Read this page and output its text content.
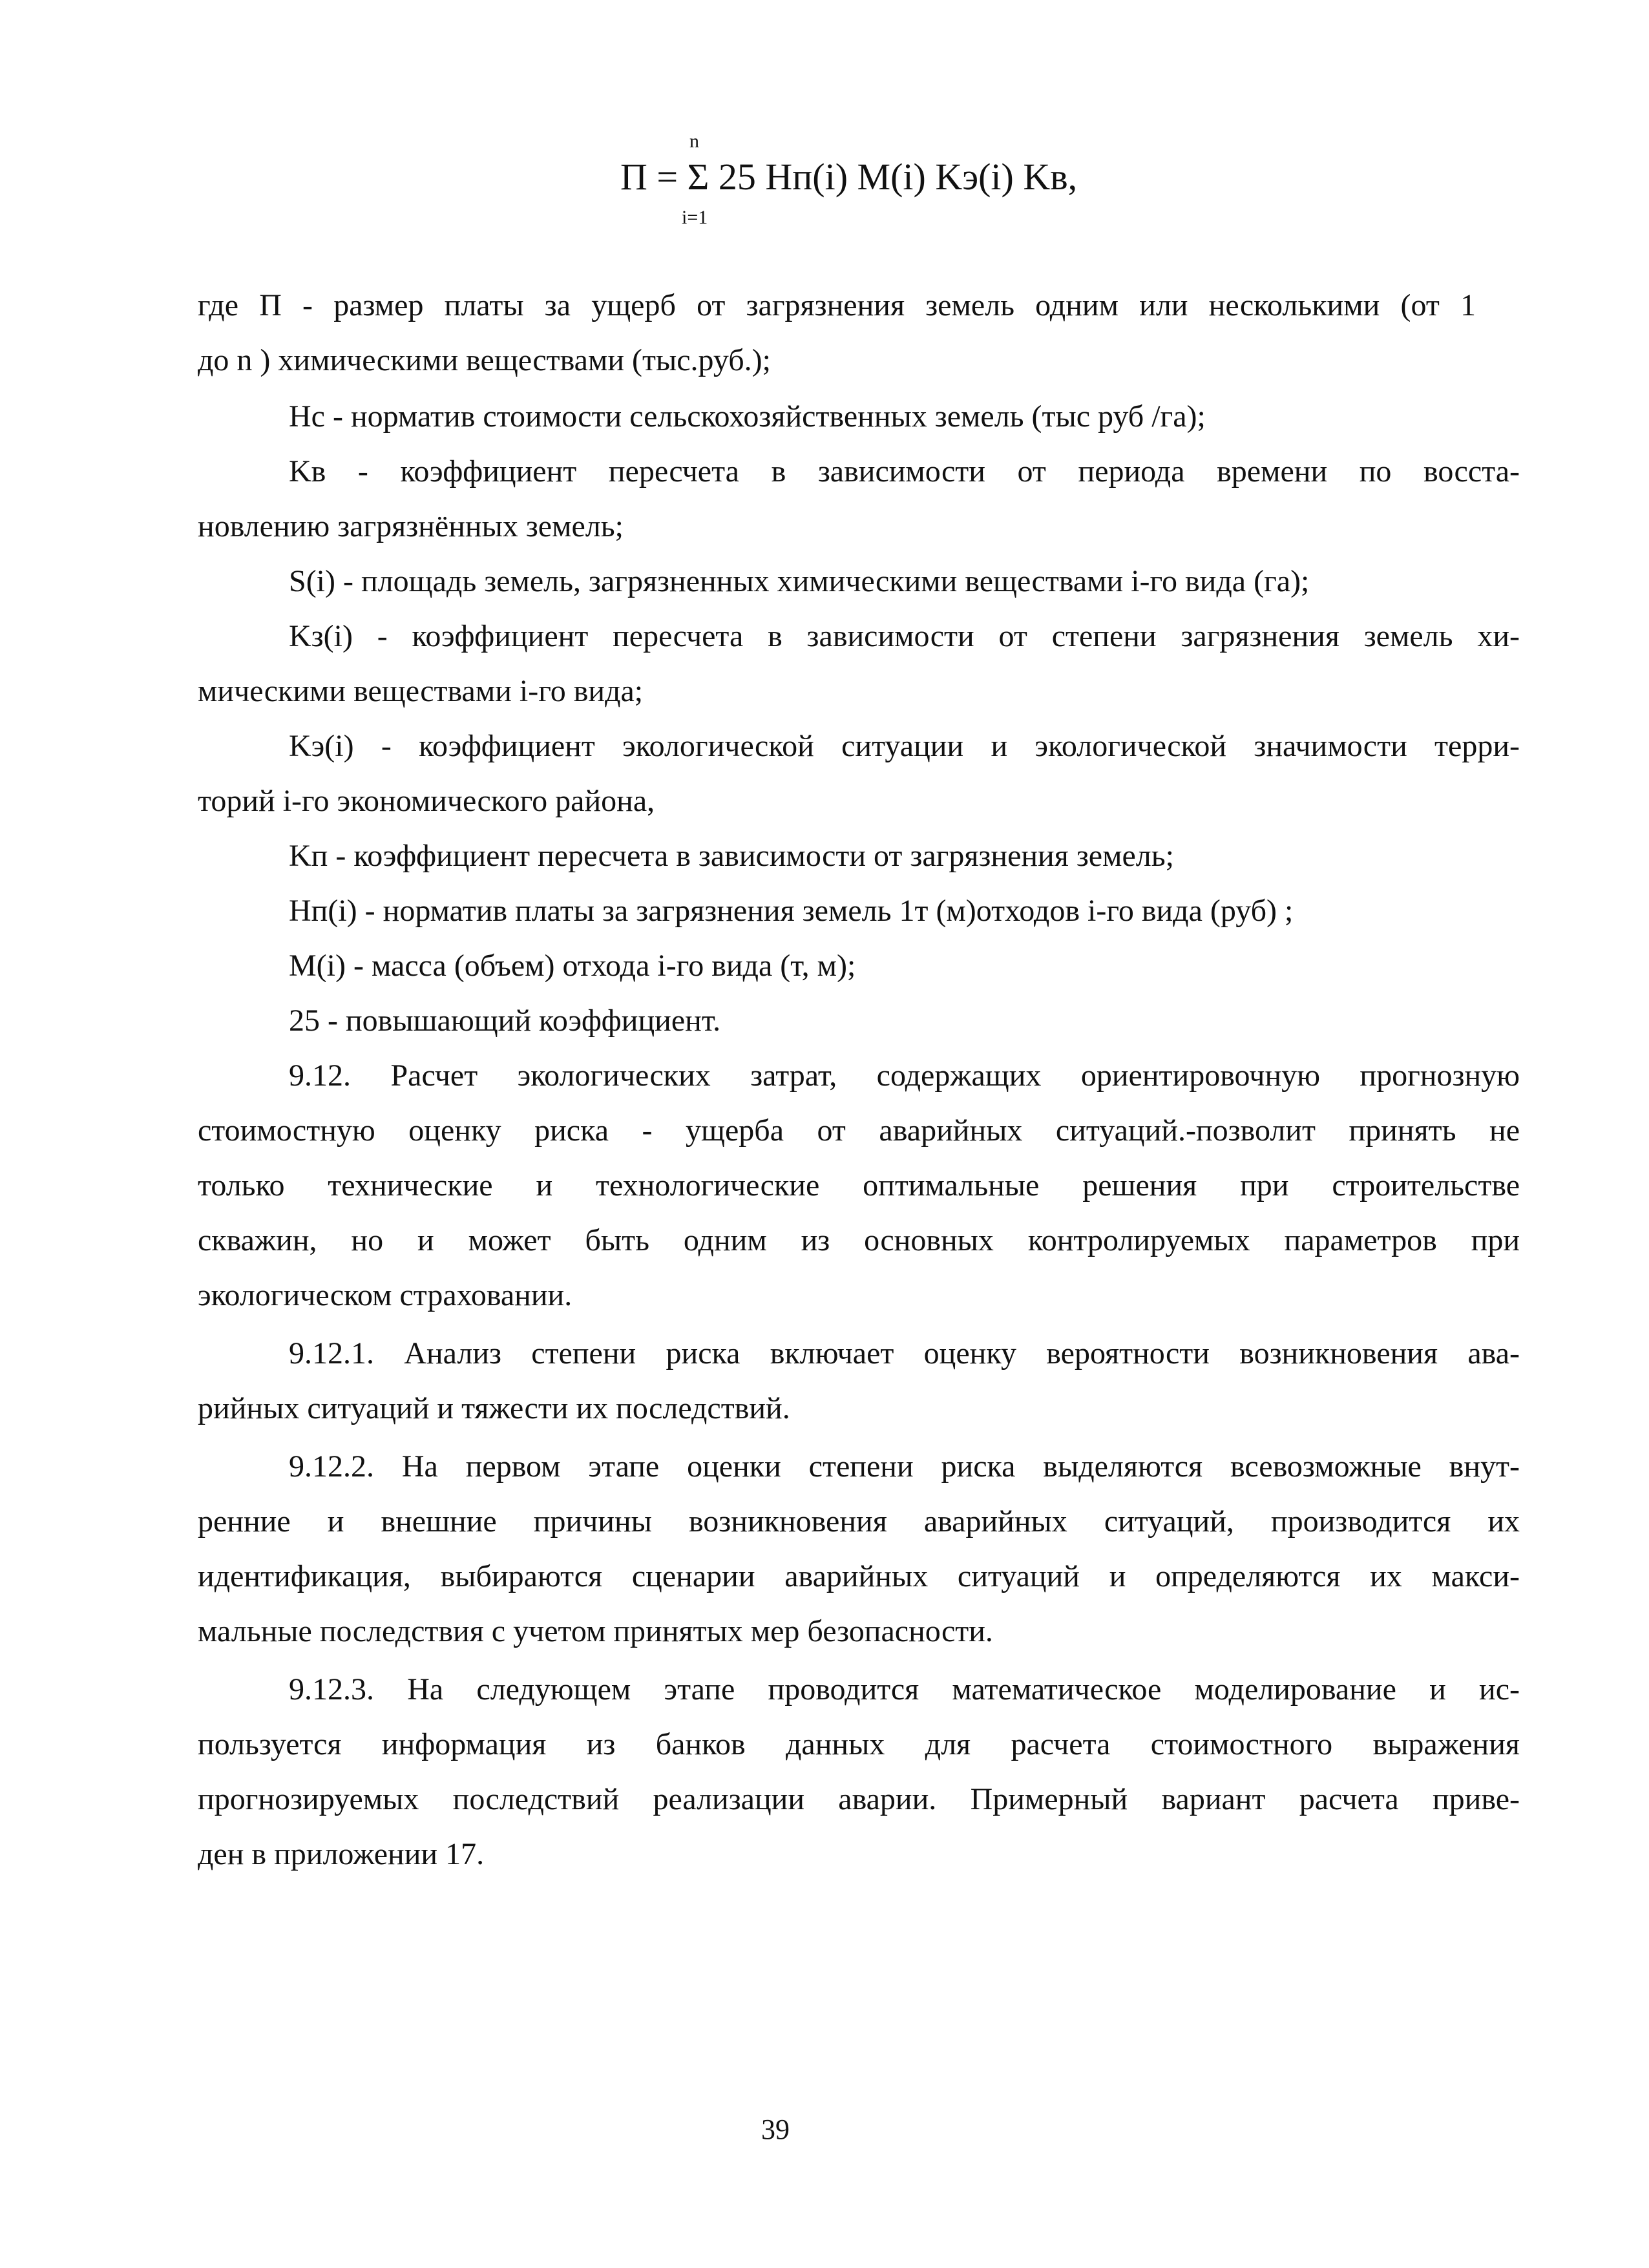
n
П = Σ 25 Hп(i) M(i) Kэ(i) Kв,
i=1
где П - размер платы за ущерб от загрязнения земель одним или несколькими (от 1
до n ) химическими веществами (тыс.руб.);
Hс - норматив стоимости сельскохозяйственных земель (тыс руб /га);
Kв - коэффициент пересчета в зависимости от периода времени по восста-
новлению загрязнённых земель;
S(i) - площадь земель, загрязненных химическими веществами i-го вида (га);
Kз(i) - коэффициент пересчета в зависимости от степени загрязнения земель хи-
мическими веществами i-го вида;
Kэ(i) - коэффициент экологической ситуации и экологической значимости терри-
торий i-го экономического района,
Kп - коэффициент пересчета в зависимости от загрязнения земель;
Hп(i) - норматив платы за загрязнения земель 1т (м)отходов i-го вида (руб) ;
M(i) - масса (объем) отхода i-го вида (т, м);
25 - повышающий коэффициент.
9.12. Расчет экологических затрат, содержащих ориентировочную прогнозную
стоимостную оценку риска - ущерба от аварийных ситуаций.-позволит принять не
только технические и технологические оптимальные решения при строительстве
скважин, но и может быть одним из основных контролируемых параметров при
экологическом страховании.
9.12.1. Анализ степени риска включает оценку вероятности возникновения ава-
рийных ситуаций и тяжести их последствий.
9.12.2. На первом этапе оценки степени риска выделяются всевозможные внут-
ренние и внешние причины возникновения аварийных ситуаций, производится их
идентификация, выбираются сценарии аварийных ситуаций и определяются их макси-
мальные последствия с учетом принятых мер безопасности.
9.12.3. На следующем этапе проводится математическое моделирование и ис-
пользуется информация из банков данных для расчета стоимостного выражения
прогнозируемых последствий реализации аварии. Примерный вариант расчета приве-
ден в приложении 17.
39
